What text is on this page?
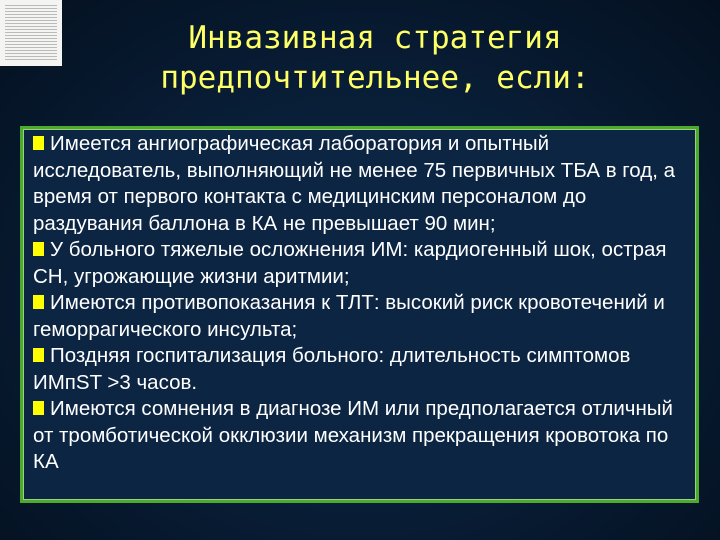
Инвазивная стратегия
предпочтительнее, если:
Имеется ангиографическая лаборатория и опытный исследователь, выполняющий не менее 75 первичных ТБА в год, а время от первого контакта с медицинским персоналом до раздувания баллона в КА не превышает 90 мин;
У больного тяжелые осложнения ИМ: кардиогенный шок, острая СН, угрожающие жизни аритмии;
Имеются противопоказания к ТЛТ: высокий риск кровотечений и геморрагического инсульта;
Поздняя госпитализация больного: длительность симптомов ИМпST >3 часов.
Имеются сомнения в диагнозе ИМ или предполагается отличный от тромботической окклюзии механизм прекращения кровотока по КА
